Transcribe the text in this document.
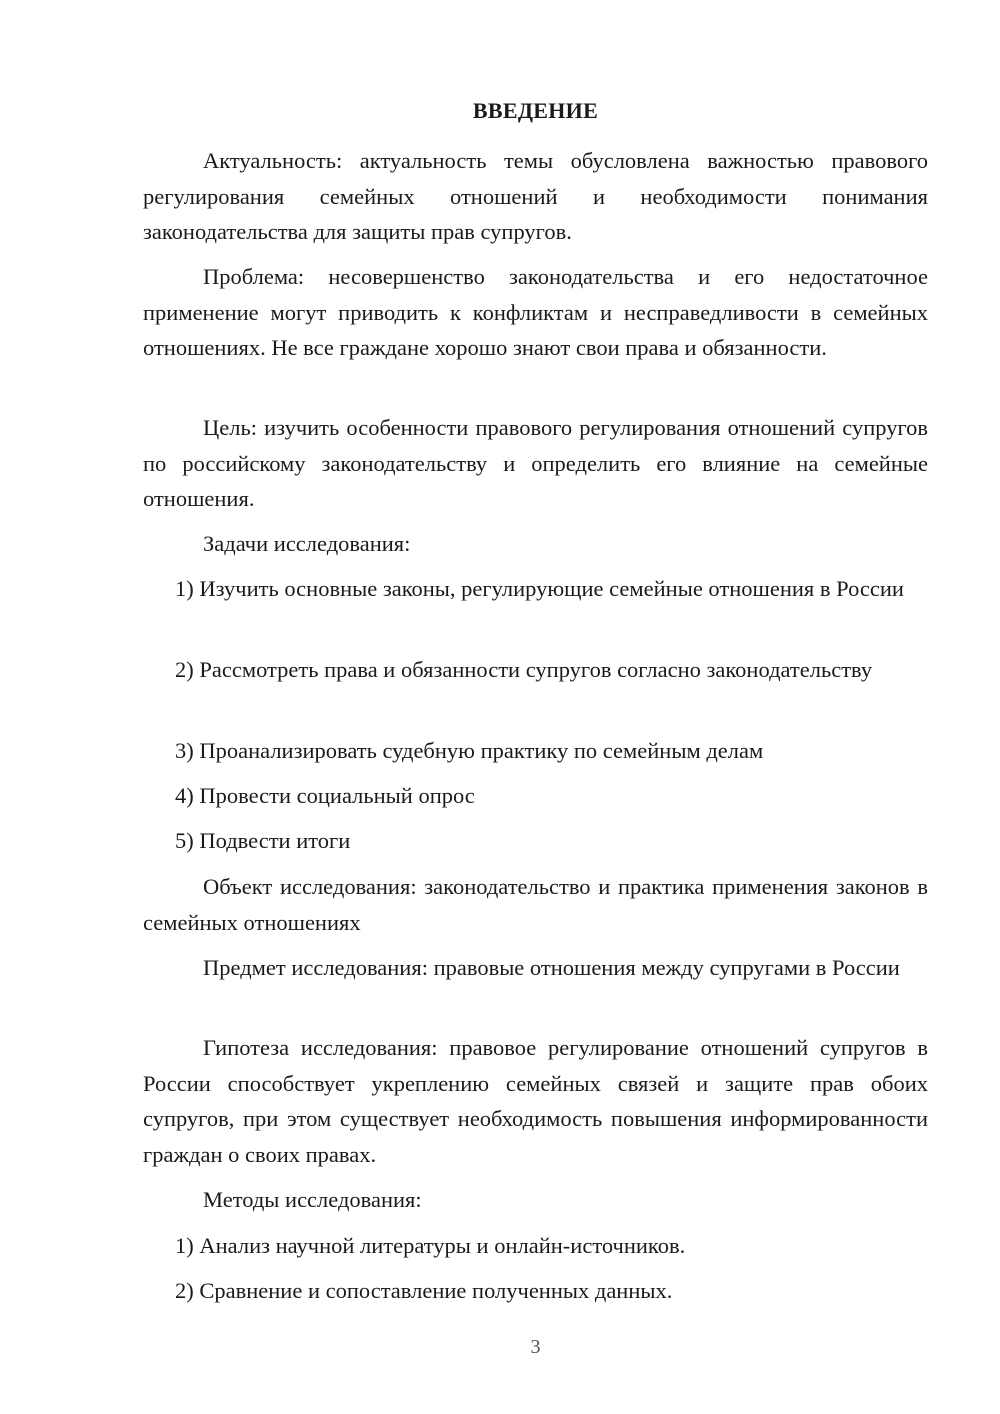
ВВЕДЕНИЕ

Актуальность: актуальность темы обусловлена важностью правового регулирования семейных отношений и необходимости понимания законодательства для защиты прав супругов.

Проблема: несовершенство законодательства и его недостаточное применение могут приводить к конфликтам и несправедливости в семейных отношениях. Не все граждане хорошо знают свои права и обязанности.

Цель: изучить особенности правового регулирования отношений супругов по российскому законодательству и определить его влияние на семейные отношения.

Задачи исследования:

1) Изучить основные законы, регулирующие семейные отношения в России

2) Рассмотреть права и обязанности супругов согласно законодательству

3) Проанализировать судебную практику по семейным делам

4) Провести социальный опрос

5) Подвести итоги

Объект исследования: законодательство и практика применения законов в семейных отношениях

Предмет исследования: правовые отношения между супругами в России

Гипотеза исследования: правовое регулирование отношений супругов в России способствует укреплению семейных связей и защите прав обоих супругов, при этом существует необходимость повышения информированности граждан о своих правах.

Методы исследования:

1) Анализ научной литературы и онлайн-источников.

2) Сравнение и сопоставление полученных данных.

3
